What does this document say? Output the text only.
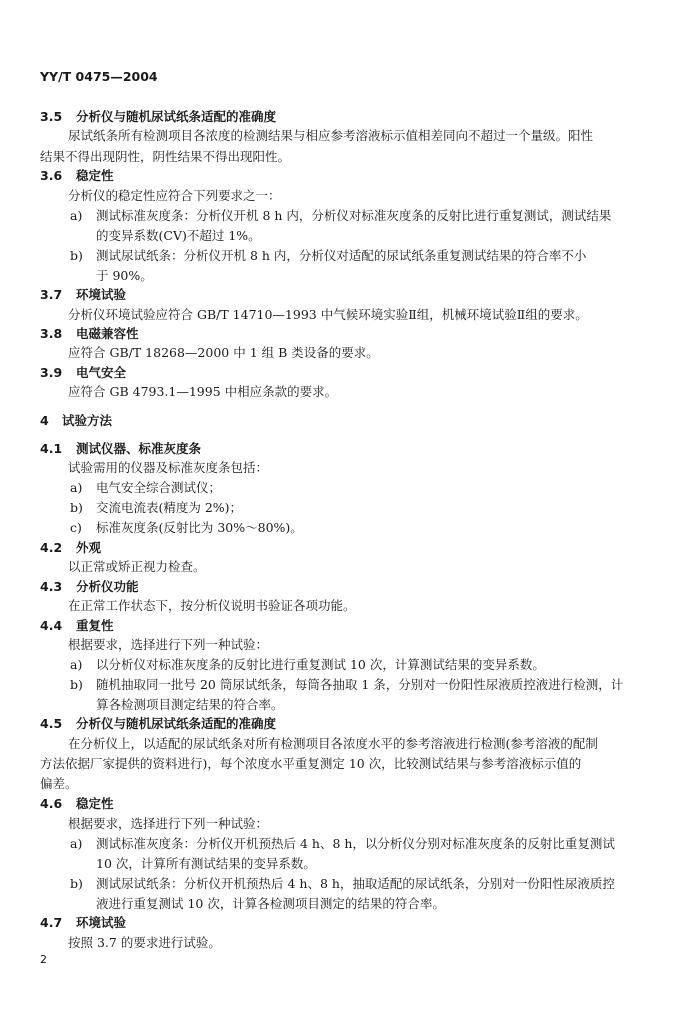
YY/T 0475—2004
3.5 分析仪与随机尿试纸条适配的准确度
尿试纸条所有检测项目各浓度的检测结果与相应参考溶液标示值相差同向不超过一个量级。阳性
结果不得出现阴性，阴性结果不得出现阳性。
3.6 稳定性
分析仪的稳定性应符合下列要求之一：
a) 测试标准灰度条：分析仪开机 8 h 内，分析仪对标准灰度条的反射比进行重复测试，测试结果
的变异系数(CV)不超过 1%。
b) 测试尿试纸条：分析仪开机 8 h 内，分析仪对适配的尿试纸条重复测试结果的符合率不小
于 90%。
3.7 环境试验
分析仪环境试验应符合 GB/T 14710—1993 中气候环境实验Ⅱ组，机械环境试验Ⅱ组的要求。
3.8 电磁兼容性
应符合 GB/T 18268—2000 中 1 组 B 类设备的要求。
3.9 电气安全
应符合 GB 4793.1—1995 中相应条款的要求。
4 试验方法
4.1 测试仪器、标准灰度条
试验需用的仪器及标准灰度条包括：
a) 电气安全综合测试仪；
b) 交流电流表(精度为 2%)；
c) 标准灰度条(反射比为 30%～80%)。
4.2 外观
以正常或矫正视力检查。
4.3 分析仪功能
在正常工作状态下，按分析仪说明书验证各项功能。
4.4 重复性
根据要求，选择进行下列一种试验：
a) 以分析仪对标准灰度条的反射比进行重复测试 10 次，计算测试结果的变异系数。
b) 随机抽取同一批号 20 筒尿试纸条，每筒各抽取 1 条，分别对一份阳性尿液质控液进行检测，计
算各检测项目测定结果的符合率。
4.5 分析仪与随机尿试纸条适配的准确度
在分析仪上，以适配的尿试纸条对所有检测项目各浓度水平的参考溶液进行检测(参考溶液的配制
方法依据厂家提供的资料进行)，每个浓度水平重复测定 10 次，比较测试结果与参考溶液标示值的
偏差。
4.6 稳定性
根据要求，选择进行下列一种试验：
a) 测试标准灰度条：分析仪开机预热后 4 h、8 h，以分析仪分别对标准灰度条的反射比重复测试
10 次，计算所有测试结果的变异系数。
b) 测试尿试纸条：分析仪开机预热后 4 h、8 h，抽取适配的尿试纸条，分别对一份阳性尿液质控
液进行重复测试 10 次，计算各检测项目测定的结果的符合率。
4.7 环境试验
按照 3.7 的要求进行试验。
2
